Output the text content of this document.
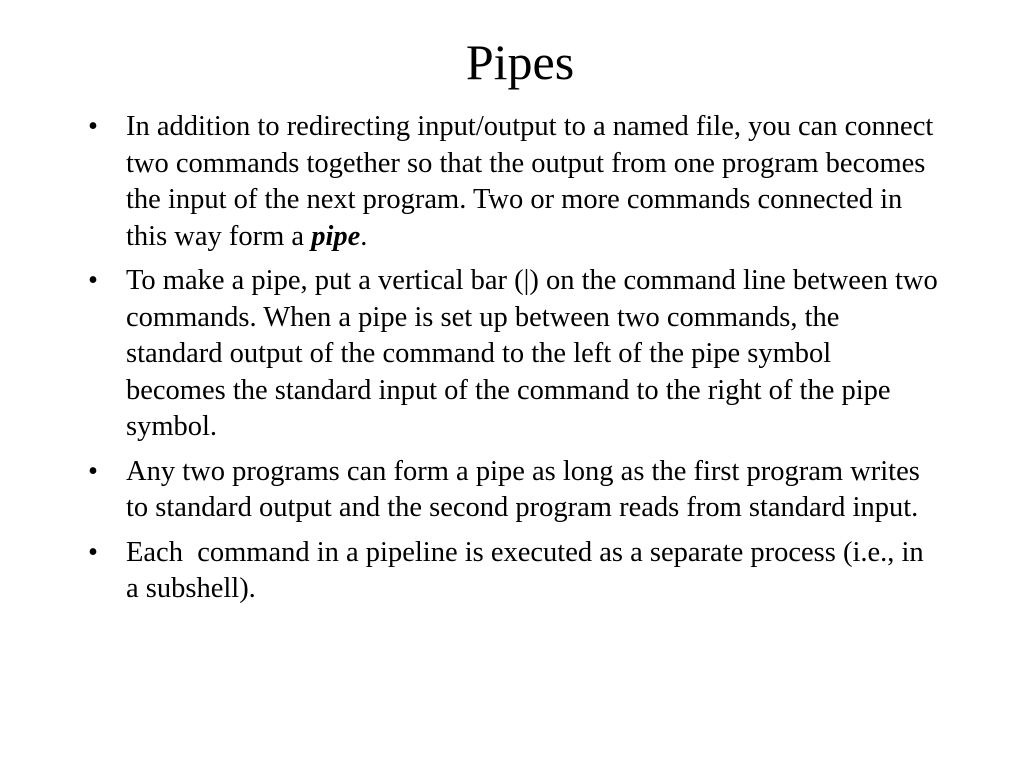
Pipes
• In addition to redirecting input/output to a named file, you can connect two commands together so that the output from one program becomes the input of the next program. Two or more commands connected in this way form a pipe.
• To make a pipe, put a vertical bar (|) on the command line between two commands. When a pipe is set up between two commands, the standard output of the command to the left of the pipe symbol becomes the standard input of the command to the right of the pipe symbol.
• Any two programs can form a pipe as long as the first program writes to standard output and the second program reads from standard input.
• Each  command in a pipeline is executed as a separate process (i.e., in a subshell).
